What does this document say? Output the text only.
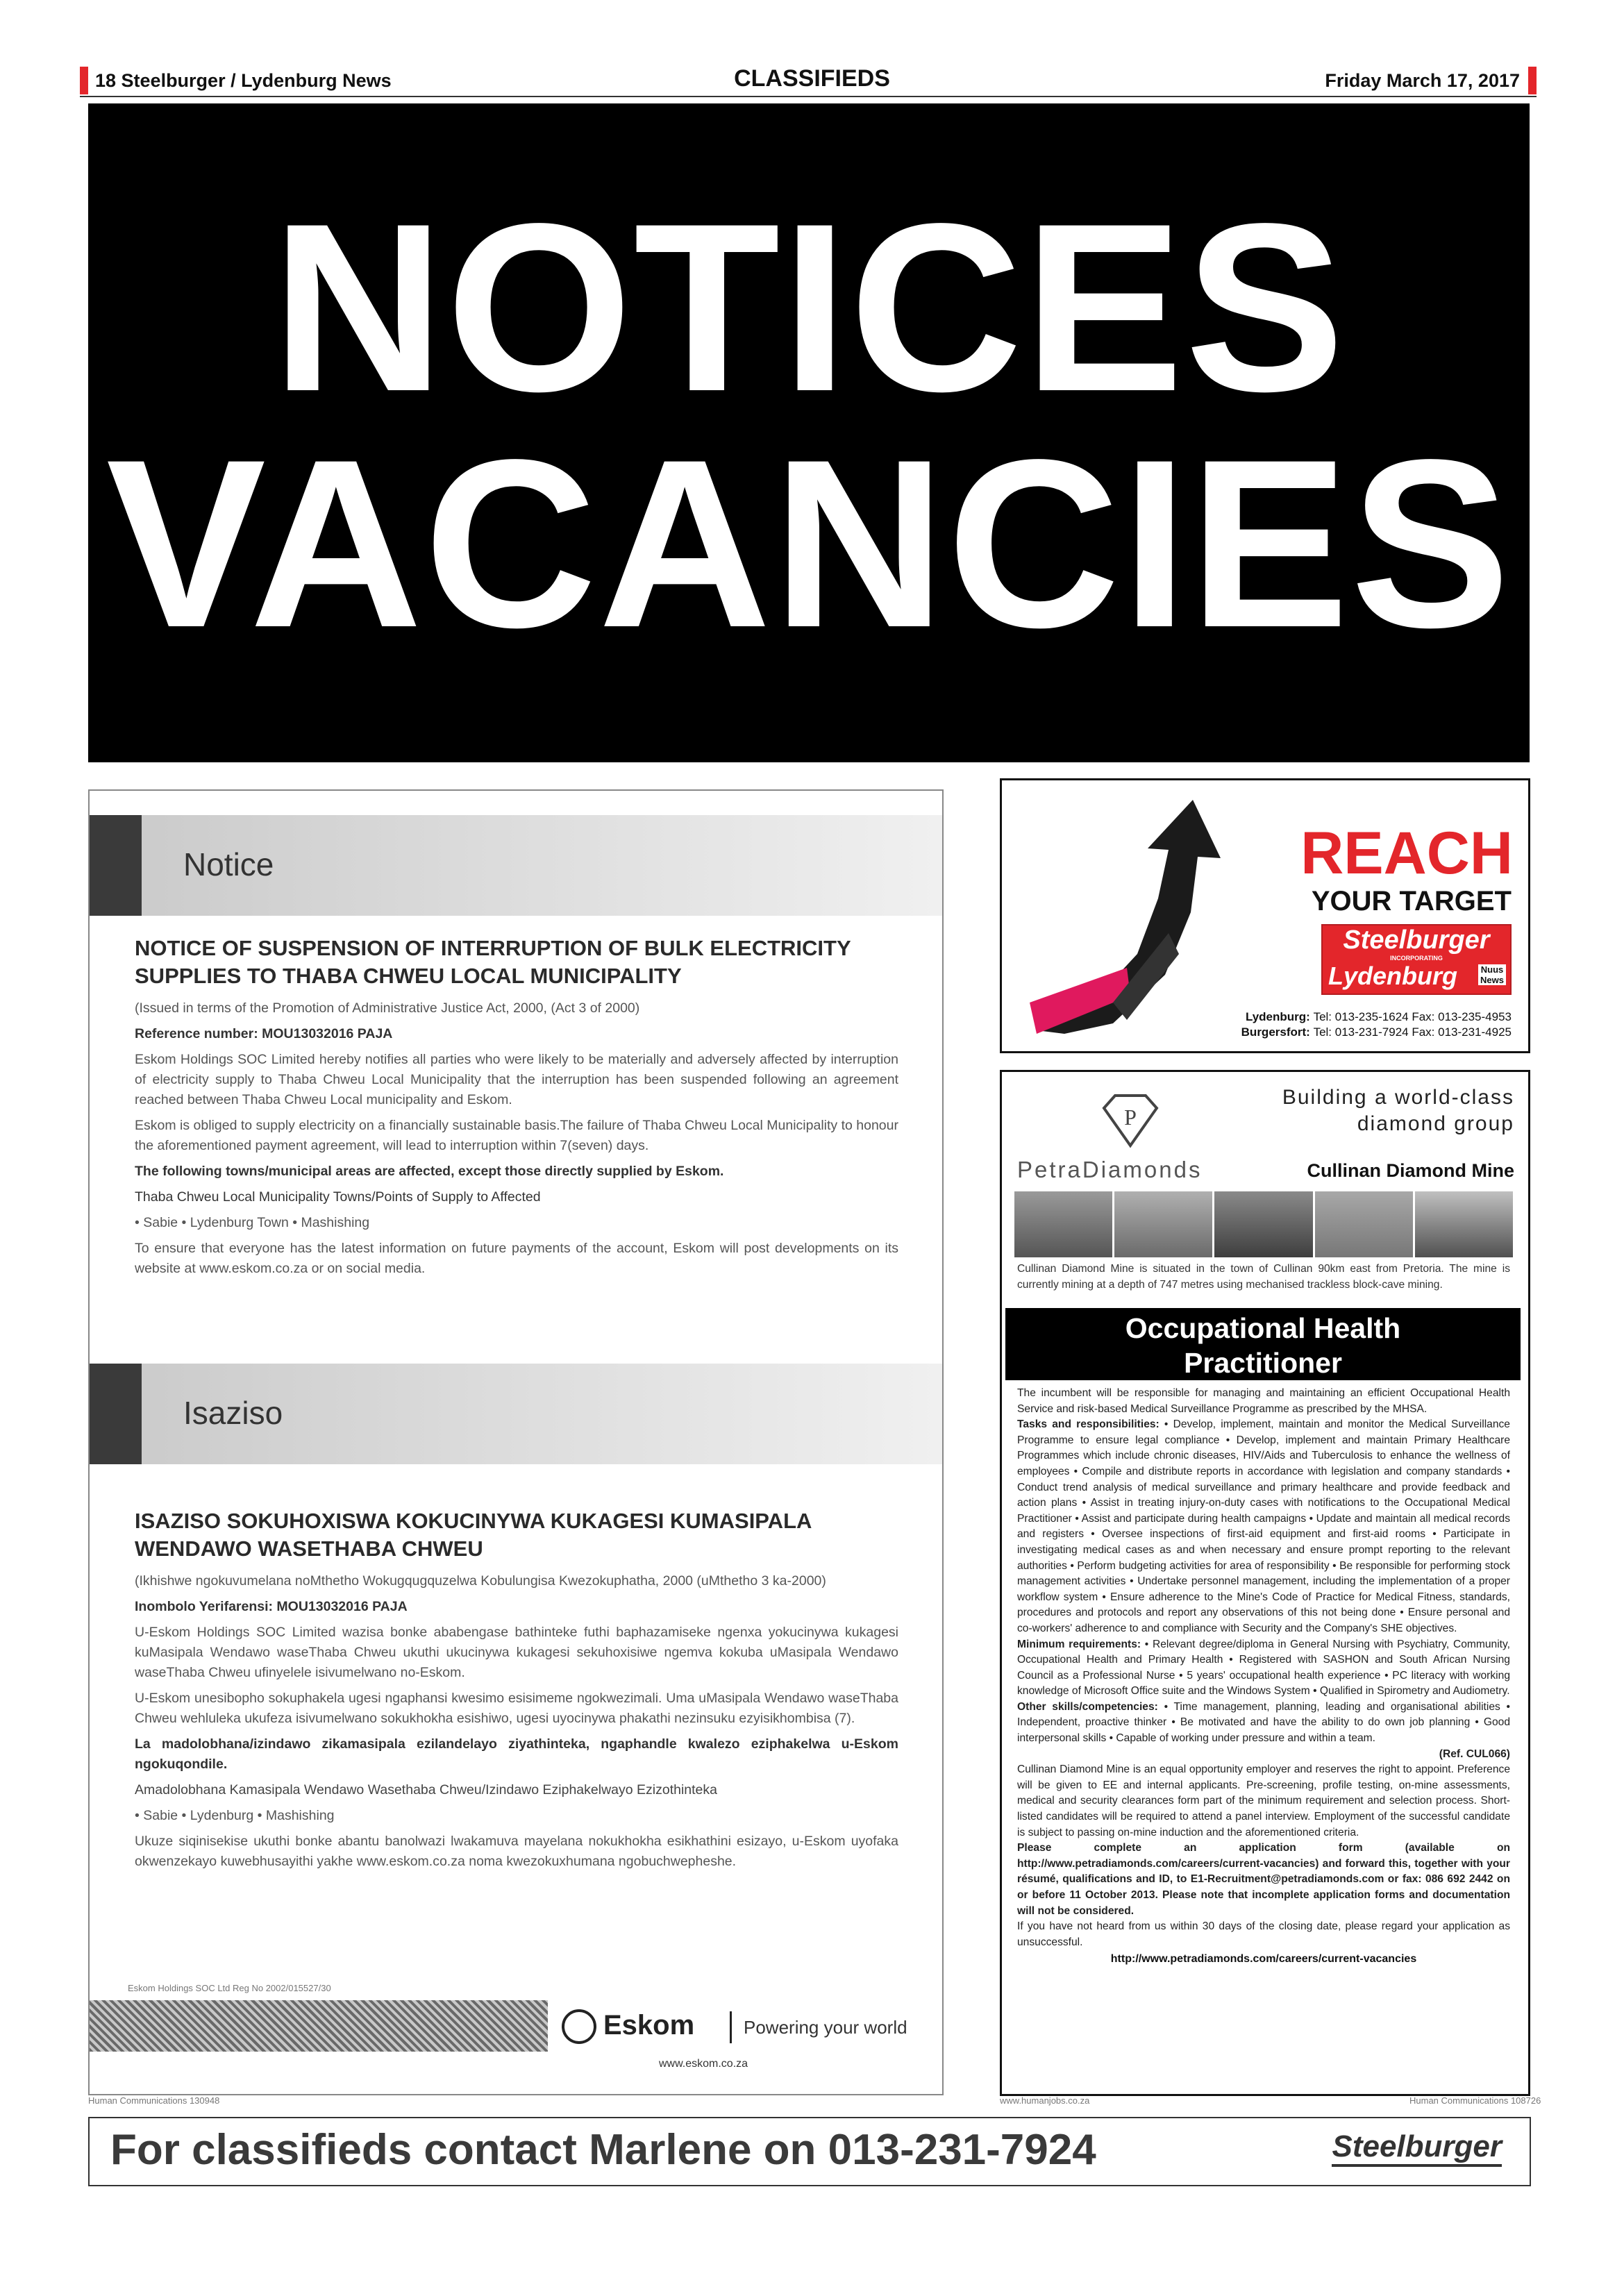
18 Steelburger / Lydenburg News	CLASSIFIEDS	Friday March 17, 2017
NOTICES
VACANCIES
Notice
NOTICE OF SUSPENSION OF INTERRUPTION OF BULK ELECTRICITY SUPPLIES TO THABA CHWEU LOCAL MUNICIPALITY

(Issued in terms of the Promotion of Administrative Justice Act, 2000, (Act 3 of 2000)

Reference number: MOU13032016 PAJA

Eskom Holdings SOC Limited hereby notifies all parties who were likely to be materially and adversely affected by interruption of electricity supply to Thaba Chweu Local Municipality that the interruption has been suspended following an agreement reached between Thaba Chweu Local municipality and Eskom.

Eskom is obliged to supply electricity on a financially sustainable basis.The failure of Thaba Chweu Local Municipality to honour the aforementioned payment agreement, will lead to interruption within 7(seven) days.

The following towns/municipal areas are affected, except those directly supplied by Eskom.

Thaba Chweu Local Municipality Towns/Points of Supply to Affected

• Sabie • Lydenburg Town • Mashishing

To ensure that everyone has the latest information on future payments of the account, Eskom will post developments on its website at www.eskom.co.za or on social media.

Isaziso
ISAZISO SOKUHOXISWA KOKUCINYWA KUKAGESI KUMASIPALA WENDAWO WASETHABA CHWEU

(Ikhishwe ngokuvumelana noMthetho Wokugqugquzelwa Kobulungisa Kwezokuphatha, 2000 (uMthetho 3 ka-2000)

Inombolo Yerifarensi: MOU13032016 PAJA

U-Eskom Holdings SOC Limited wazisa bonke ababengase bathinteke futhi baphazamiseke ngenxa yokucinywa kukagesi kuMasipala Wendawo waseThaba Chweu ukuthi ukucinywa kukagesi sekuhoxisiwe ngemva kokuba uMasipala Wendawo waseThaba Chweu ufinyelele isivumelwano no-Eskom.

U-Eskom unesibopho sokuphakela ugesi ngaphansi kwesimo esisimeme ngokwezimali. Uma uMasipala Wendawo waseThaba Chweu wehluleka ukufeza isivumelwano sokukhokha esishiwo, ugesi uyocinywa phakathi nezinsuku ezyisikhombisa (7).

La madolobhana/izindawo zikamasipala ezilandelayo ziyathinteka, ngaphandle kwalezo eziphakelwa u-Eskom ngokuqondile.

Amadolobhana Kamasipala Wendawo Wasethaba Chweu/Izindawo Eziphakelwayo Ezizothinteka

• Sabie • Lydenburg • Mashishing

Ukuze siqinisekise ukuthi bonke abantu banolwazi lwakamuva mayelana nokukhokha esikhathini esizayo, u-Eskom uyofaka okwenzekayo kuwebhusayithi yakhe www.eskom.co.za noma kwezokuxhumana ngobuchwepheshe.

Eskom Holdings SOC Ltd Reg No 2002/015527/30
Eskom	Powering your world
www.eskom.co.za
Human Communications 130948
REACH
YOUR TARGET
Steelburger
INCORPORATING
Lydenburg	Nuus
News
Lydenburg: Tel: 013-235-1624 Fax: 013-235-4953
Burgersfort: Tel: 013-231-7924 Fax: 013-231-4925
P
Building a world-class diamond group
PetraDiamonds	Cullinan Diamond Mine

Cullinan Diamond Mine is situated in the town of Cullinan 90km east from Pretoria. The mine is currently mining at a depth of 747 metres using mechanised trackless block-cave mining.

Occupational Health
Practitioner

The incumbent will be responsible for managing and maintaining an efficient Occupational Health Service and risk-based Medical Surveillance Programme as prescribed by the MHSA.

Tasks and responsibilities: • Develop, implement, maintain and monitor the Medical Surveillance Programme to ensure legal compliance • Develop, implement and maintain Primary Healthcare Programmes which include chronic diseases, HIV/Aids and Tuberculosis to enhance the wellness of employees • Compile and distribute reports in accordance with legislation and company standards • Conduct trend analysis of medical surveillance and primary healthcare and provide feedback and action plans • Assist in treating injury-on-duty cases with notifications to the Occupational Medical Practitioner • Assist and participate during health campaigns • Update and maintain all medical records and registers • Oversee inspections of first-aid equipment and first-aid rooms • Participate in investigating medical cases as and when necessary and ensure prompt reporting to the relevant authorities • Perform budgeting activities for area of responsibility • Be responsible for performing stock management activities • Undertake personnel management, including the implementation of a proper workflow system • Ensure adherence to the Mine's Code of Practice for Medical Fitness, standards, procedures and protocols and report any observations of this not being done • Ensure personal and co-workers' adherence to and compliance with Security and the Company's SHE objectives.

Minimum requirements: • Relevant degree/diploma in General Nursing with Psychiatry, Community, Occupational Health and Primary Health • Registered with SASHON and South African Nursing Council as a Professional Nurse • 5 years' occupational health experience • PC literacy with working knowledge of Microsoft Office suite and the Windows System • Qualified in Spirometry and Audiometry.

Other skills/competencies: • Time management, planning, leading and organisational abilities • Independent, proactive thinker • Be motivated and have the ability to do own job planning • Good interpersonal skills • Capable of working under pressure and within a team.

(Ref. CUL066)

Cullinan Diamond Mine is an equal opportunity employer and reserves the right to appoint. Preference will be given to EE and internal applicants. Pre-screening, profile testing, on-mine assessments, medical and security clearances form part of the minimum requirement and selection process. Short-listed candidates will be required to attend a panel interview. Employment of the successful candidate is subject to passing on-mine induction and the aforementioned criteria.

Please complete an application form (available on http://www.petradiamonds.com/careers/current-vacancies) and forward this, together with your résumé, qualifications and ID, to E1-Recruitment@petradiamonds.com or fax: 086 692 2442 on or before 11 October 2013. Please note that incomplete application forms and documentation will not be considered.

If you have not heard from us within 30 days of the closing date, please regard your application as unsuccessful.

http://www.petradiamonds.com/careers/current-vacancies

www.humanjobs.co.za	Human Communications 108726
For classifieds contact Marlene on 013-231-7924	Steelburger
